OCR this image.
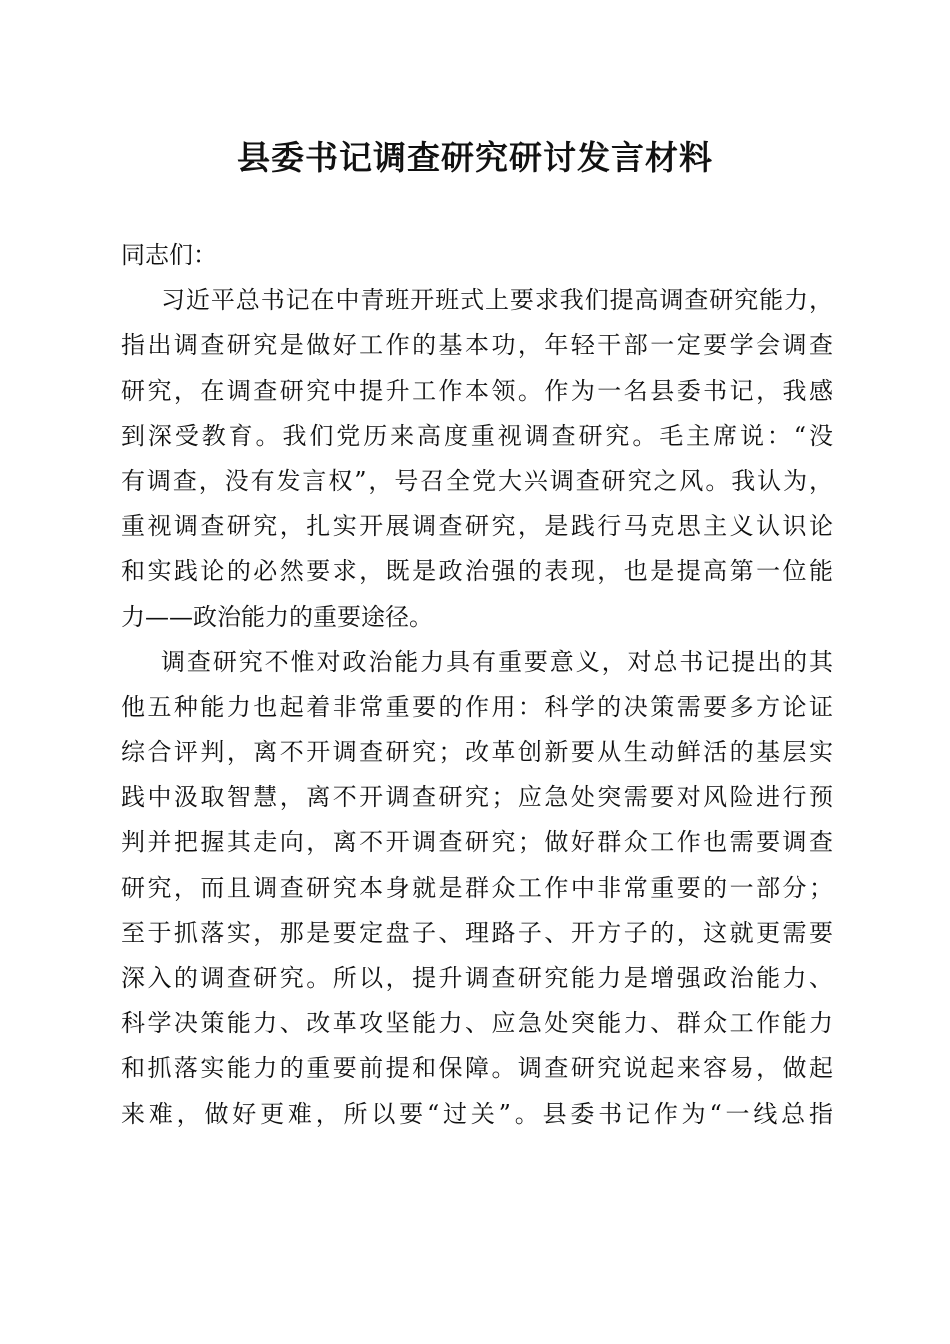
县委书记调查研究研讨发言材料
同志们：
习近平总书记在中青班开班式上要求我们提高调查研究能力，
指出调查研究是做好工作的基本功，年轻干部一定要学会调查
研究，在调查研究中提升工作本领。作为一名县委书记，我感
到深受教育。我们党历来高度重视调查研究。毛主席说：“没
有调查，没有发言权”，号召全党大兴调查研究之风。我认为，
重视调查研究，扎实开展调查研究，是践行马克思主义认识论
和实践论的必然要求，既是政治强的表现，也是提高第一位能
力——政治能力的重要途径。
调查研究不惟对政治能力具有重要意义，对总书记提出的其
他五种能力也起着非常重要的作用：科学的决策需要多方论证
综合评判，离不开调查研究；改革创新要从生动鲜活的基层实
践中汲取智慧，离不开调查研究；应急处突需要对风险进行预
判并把握其走向，离不开调查研究；做好群众工作也需要调查
研究，而且调查研究本身就是群众工作中非常重要的一部分；
至于抓落实，那是要定盘子、理路子、开方子的，这就更需要
深入的调查研究。所以，提升调查研究能力是增强政治能力、
科学决策能力、改革攻坚能力、应急处突能力、群众工作能力
和抓落实能力的重要前提和保障。调查研究说起来容易，做起
来难，做好更难，所以要“过关”。县委书记作为“一线总指
